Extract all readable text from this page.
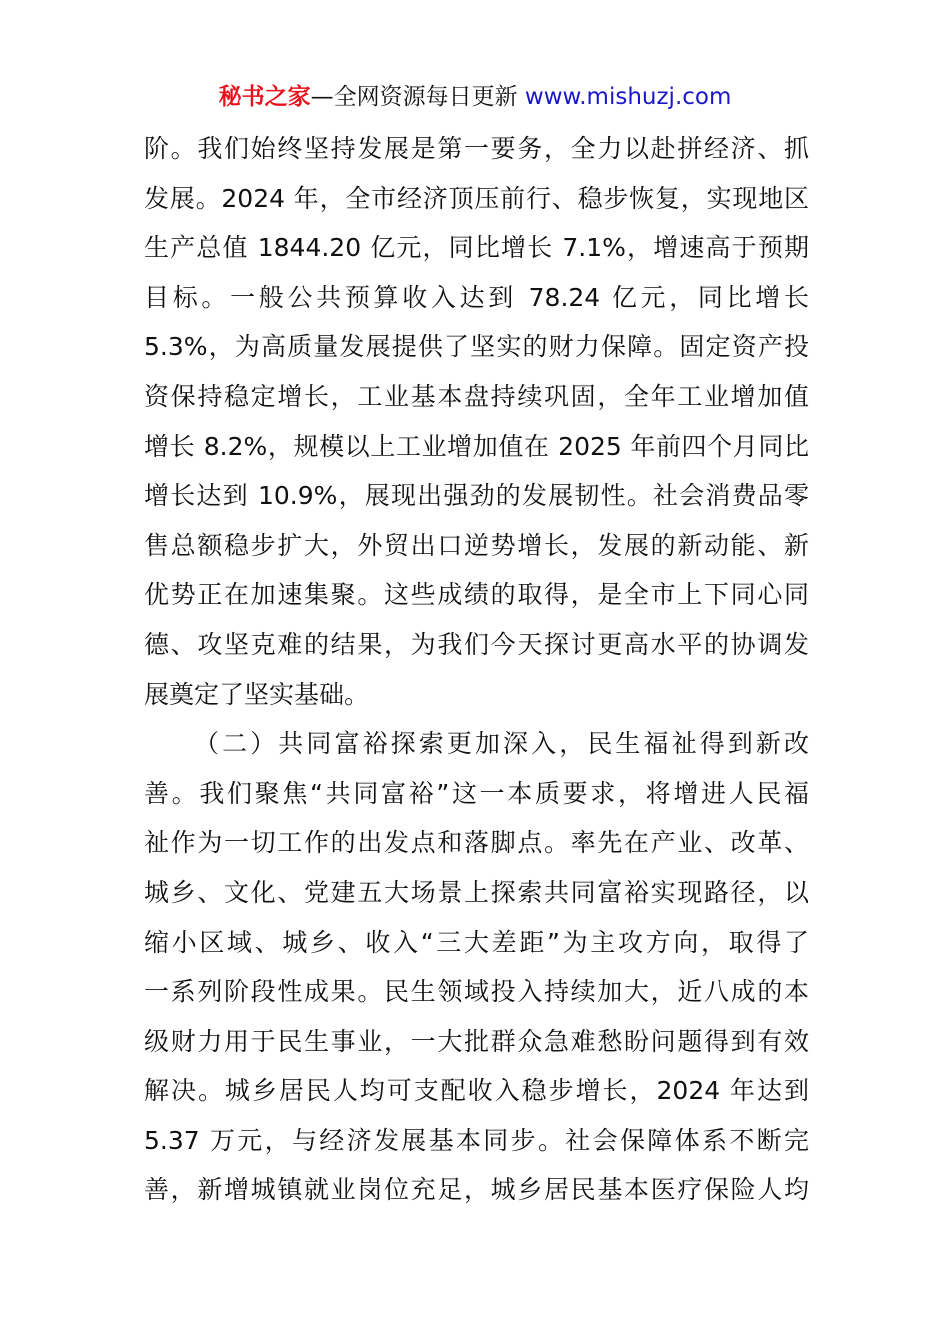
秘书之家—全网资源每日更新 www.mishuzj.com
阶。我们始终坚持发展是第一要务，全力以赴拼经济、抓
发展。2024 年，全市经济顶压前行、稳步恢复，实现地区
生产总值 1844.20 亿元，同比增长 7.1%，增速高于预期
目标。一般公共预算收入达到 78.24 亿元，同比增长
5.3%，为高质量发展提供了坚实的财力保障。固定资产投
资保持稳定增长，工业基本盘持续巩固，全年工业增加值
增长 8.2%，规模以上工业增加值在 2025 年前四个月同比
增长达到 10.9%，展现出强劲的发展韧性。社会消费品零
售总额稳步扩大，外贸出口逆势增长，发展的新动能、新
优势正在加速集聚。这些成绩的取得，是全市上下同心同
德、攻坚克难的结果，为我们今天探讨更高水平的协调发
展奠定了坚实基础。
（二）共同富裕探索更加深入，民生福祉得到新改
善。我们聚焦“共同富裕”这一本质要求，将增进人民福
祉作为一切工作的出发点和落脚点。率先在产业、改革、
城乡、文化、党建五大场景上探索共同富裕实现路径，以
缩小区域、城乡、收入“三大差距”为主攻方向，取得了
一系列阶段性成果。民生领域投入持续加大，近八成的本
级财力用于民生事业，一大批群众急难愁盼问题得到有效
解决。城乡居民人均可支配收入稳步增长，2024 年达到
5.37 万元，与经济发展基本同步。社会保障体系不断完
善，新增城镇就业岗位充足，城乡居民基本医疗保险人均
